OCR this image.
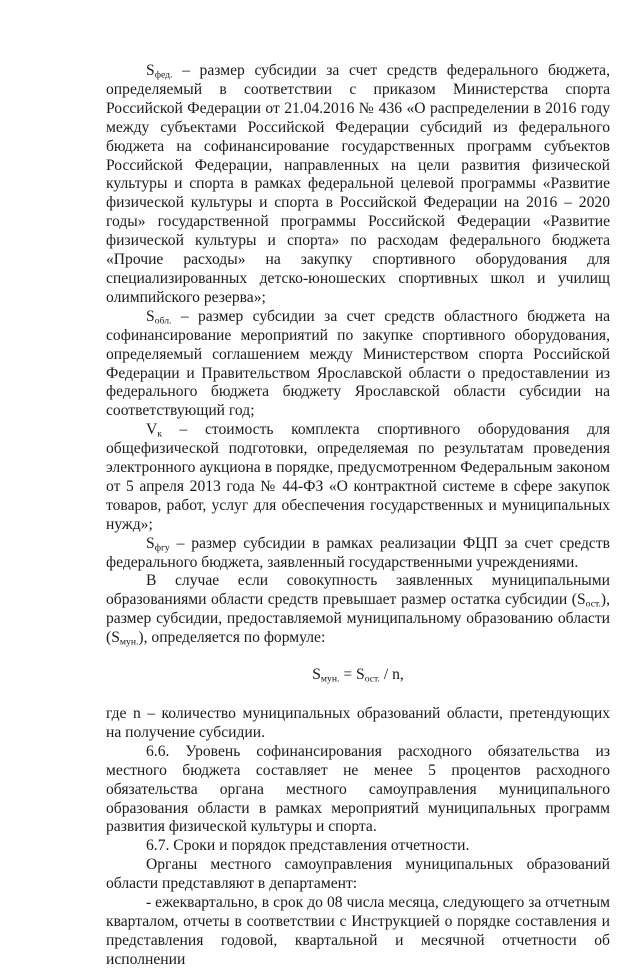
$S_{фед.}$ – размер субсидии за счет средств федерального бюджета, определяемый в соответствии с приказом Министерства спорта Российской Федерации от 21.04.2016 № 436 «О распределении в 2016 году между субъектами Российской Федерации субсидий из федерального бюджета на софинансирование государственных программ субъектов Российской Федерации, направленных на цели развития физической культуры и спорта в рамках федеральной целевой программы «Развитие физической культуры и спорта в Российской Федерации на 2016 – 2020 годы» государственной программы Российской Федерации «Развитие физической культуры и спорта» по расходам федерального бюджета «Прочие расходы» на закупку спортивного оборудования для специализированных детско-юношеских спортивных школ и училищ олимпийского резерва»;

$S_{обл.}$ – размер субсидии за счет средств областного бюджета на софинансирование мероприятий по закупке спортивного оборудования, определяемый соглашением между Министерством спорта Российской Федерации и Правительством Ярославской области о предоставлении из федерального бюджета бюджету Ярославской области субсидии на соответствующий год;

$V_к$ – стоимость комплекта спортивного оборудования для общефизической подготовки, определяемая по результатам проведения электронного аукциона в порядке, предусмотренном Федеральным законом от 5 апреля 2013 года № 44-ФЗ «О контрактной системе в сфере закупок товаров, работ, услуг для обеспечения государственных и муниципальных нужд»;

$S_{фгу}$ – размер субсидии в рамках реализации ФЦП за счет средств федерального бюджета, заявленный государственными учреждениями.

В случае если совокупность заявленных муниципальными образованиями области средств превышает размер остатка субсидии $(S_{ост.})$, размер субсидии, предоставляемой муниципальному образованию области $(S_{мун.})$, определяется по формуле:

$S_{мун.} = S_{ост.} / n$,

где n – количество муниципальных образований области, претендующих на получение субсидии.

6.6. Уровень софинансирования расходного обязательства из местного бюджета составляет не менее 5 процентов расходного обязательства органа местного самоуправления муниципального образования области в рамках мероприятий муниципальных программ развития физической культуры и спорта.

6.7. Сроки и порядок представления отчетности.

Органы местного самоуправления муниципальных образований области представляют в департамент:

- ежеквартально, в срок до 08 числа месяца, следующего за отчетным кварталом, отчеты в соответствии с Инструкцией о порядке составления и представления годовой, квартальной и месячной отчетности об исполнении
